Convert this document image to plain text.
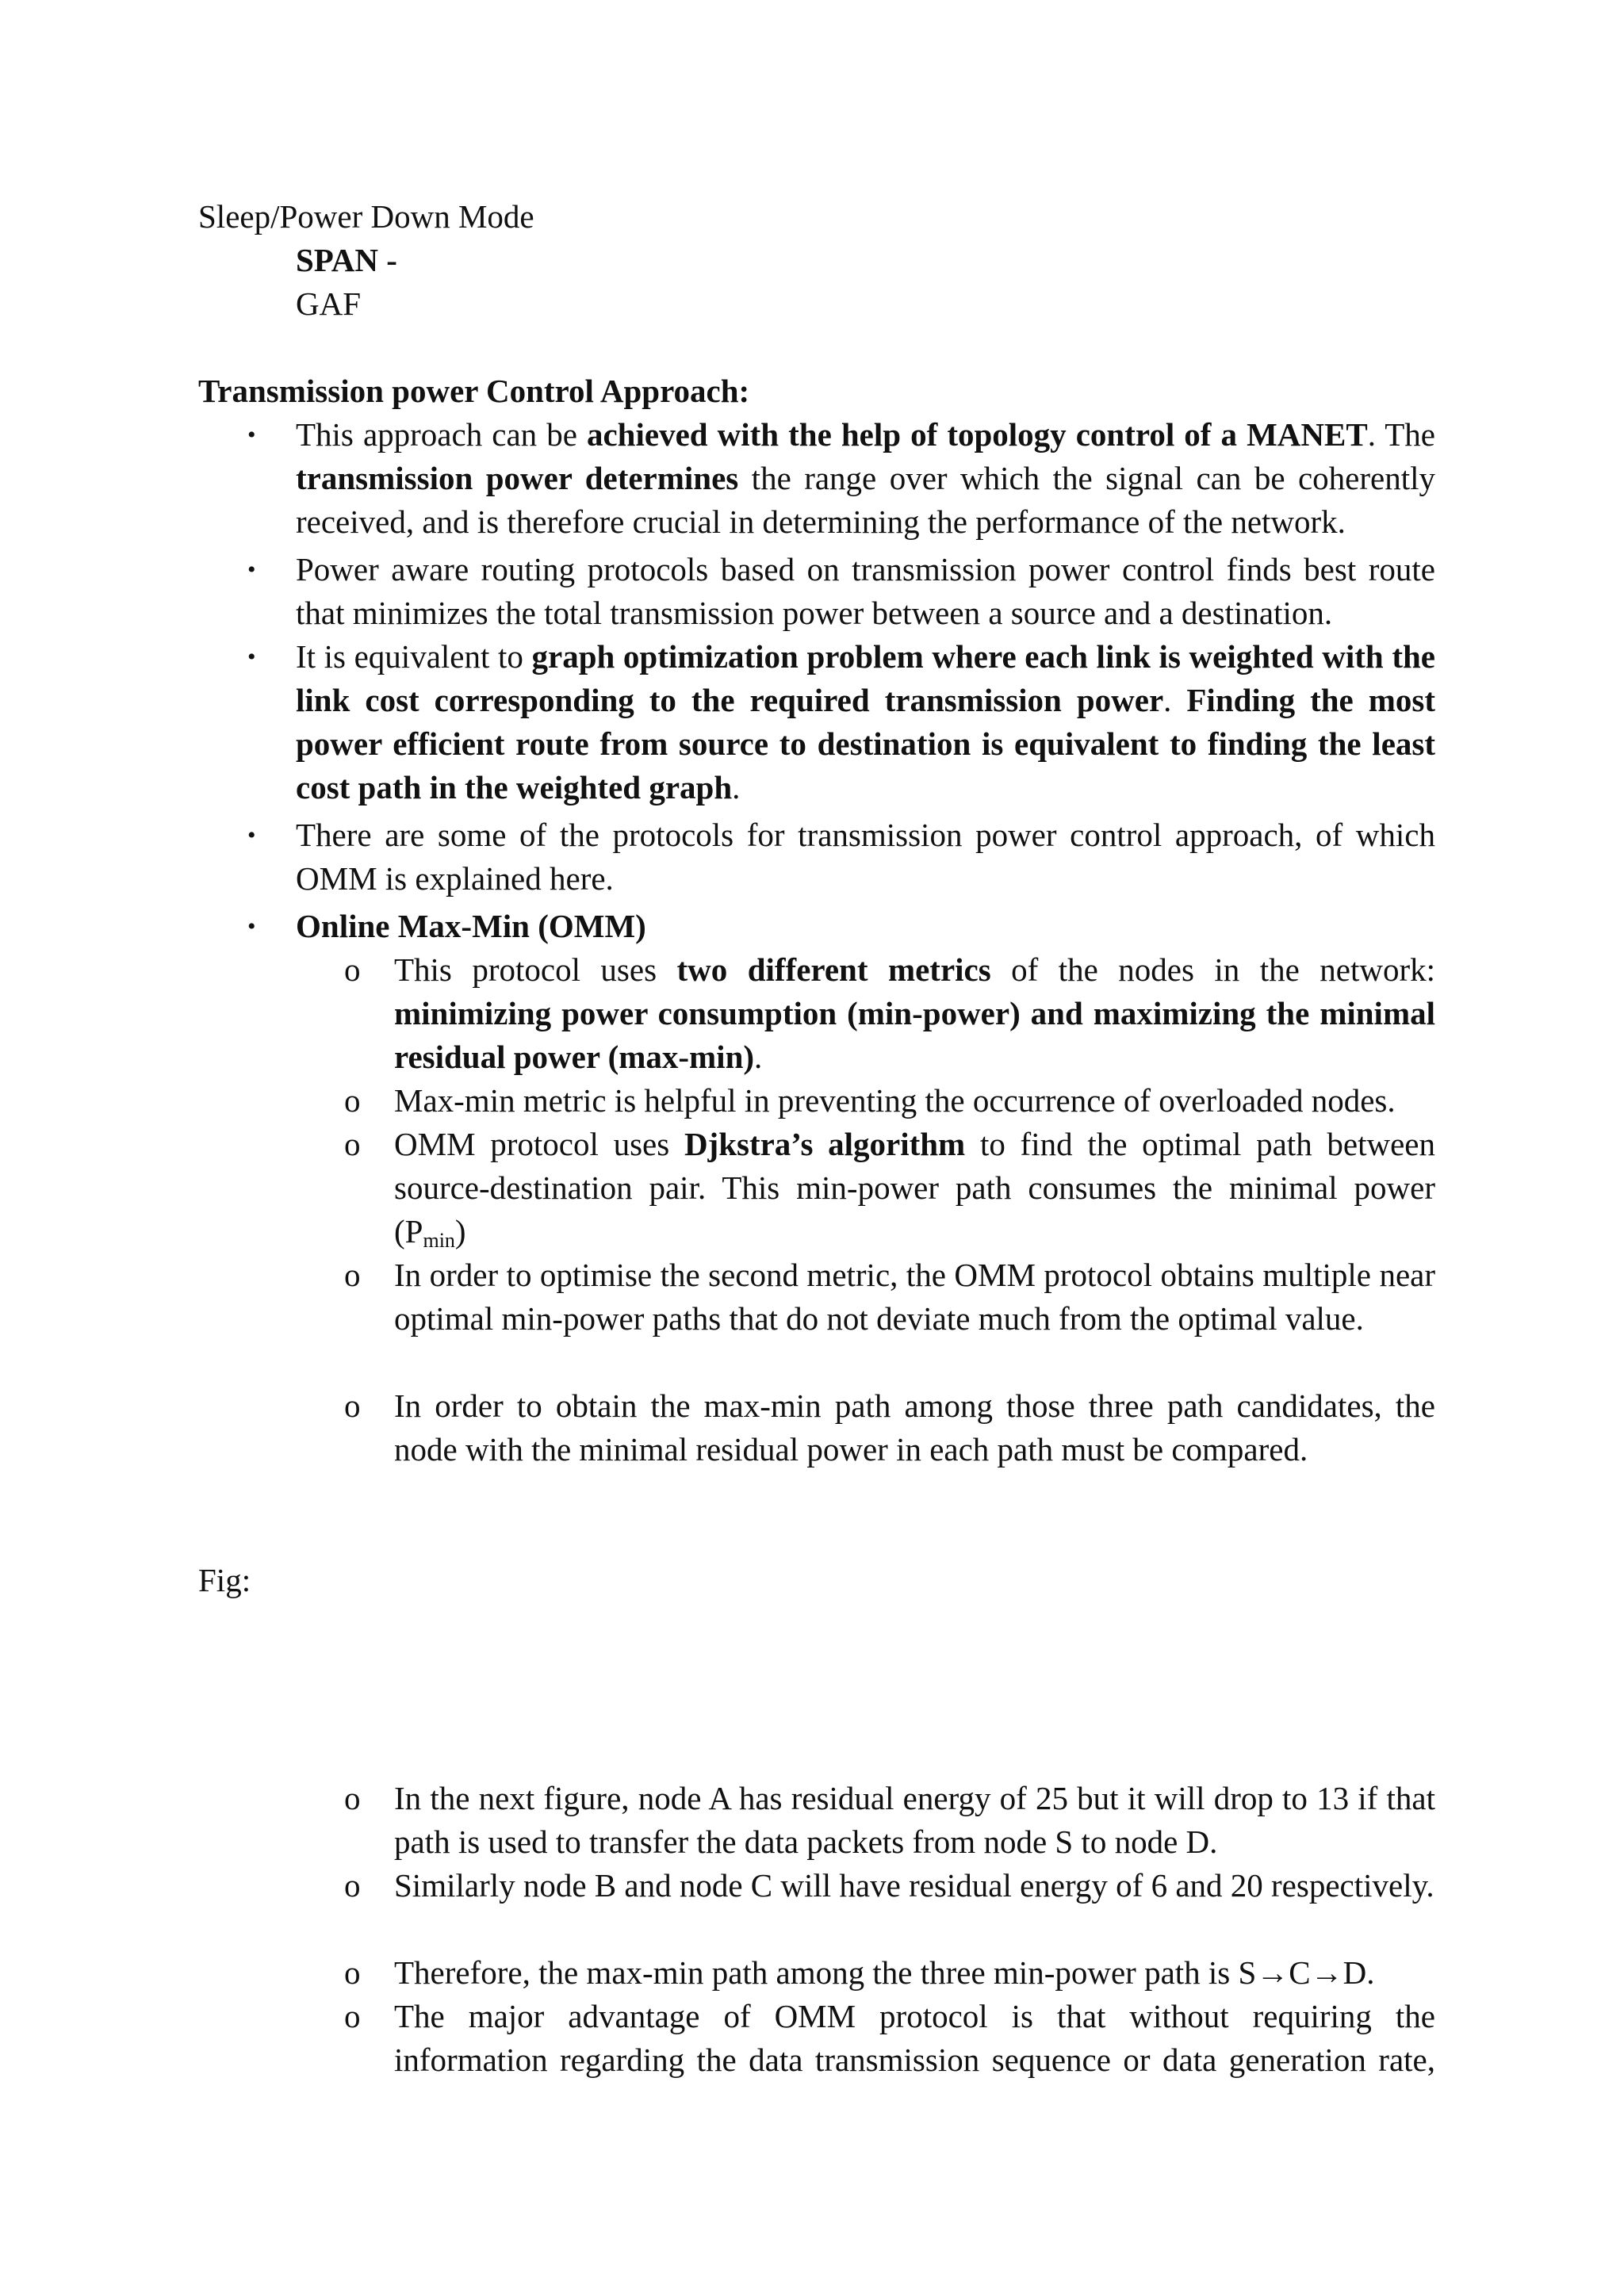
Sleep/Power Down Mode
SPAN -
GAF
Transmission power Control Approach:
• This approach can be achieved with the help of topology control of a MANET. The transmission power determines the range over which the signal can be coherently received, and is therefore crucial in determining the performance of the network.
• Power aware routing protocols based on transmission power control finds best route that minimizes the total transmission power between a source and a destination.
• It is equivalent to graph optimization problem where each link is weighted with the link cost corresponding to the required transmission power. Finding the most power efficient route from source to destination is equivalent to finding the least cost path in the weighted graph.
• There are some of the protocols for transmission power control approach, of which OMM is explained here.
• Online Max-Min (OMM)
o This protocol uses two different metrics of the nodes in the network: minimizing power consumption (min-power) and maximizing the minimal residual power (max-min).
o Max-min metric is helpful in preventing the occurrence of overloaded nodes.
o OMM protocol uses Djkstra’s algorithm to find the optimal path between source-destination pair. This min-power path consumes the minimal power $(P_{min})$
o In order to optimise the second metric, the OMM protocol obtains multiple near optimal min-power paths that do not deviate much from the optimal value.
o In order to obtain the max-min path among those three path candidates, the node with the minimal residual power in each path must be compared.
Fig:
o In the next figure, node A has residual energy of 25 but it will drop to 13 if that path is used to transfer the data packets from node S to node D.
o Similarly node B and node C will have residual energy of 6 and 20 respectively.
o Therefore, the max-min path among the three min-power path is S→C→D.
o The major advantage of OMM protocol is that without requiring the information regarding the data transmission sequence or data generation rate,
